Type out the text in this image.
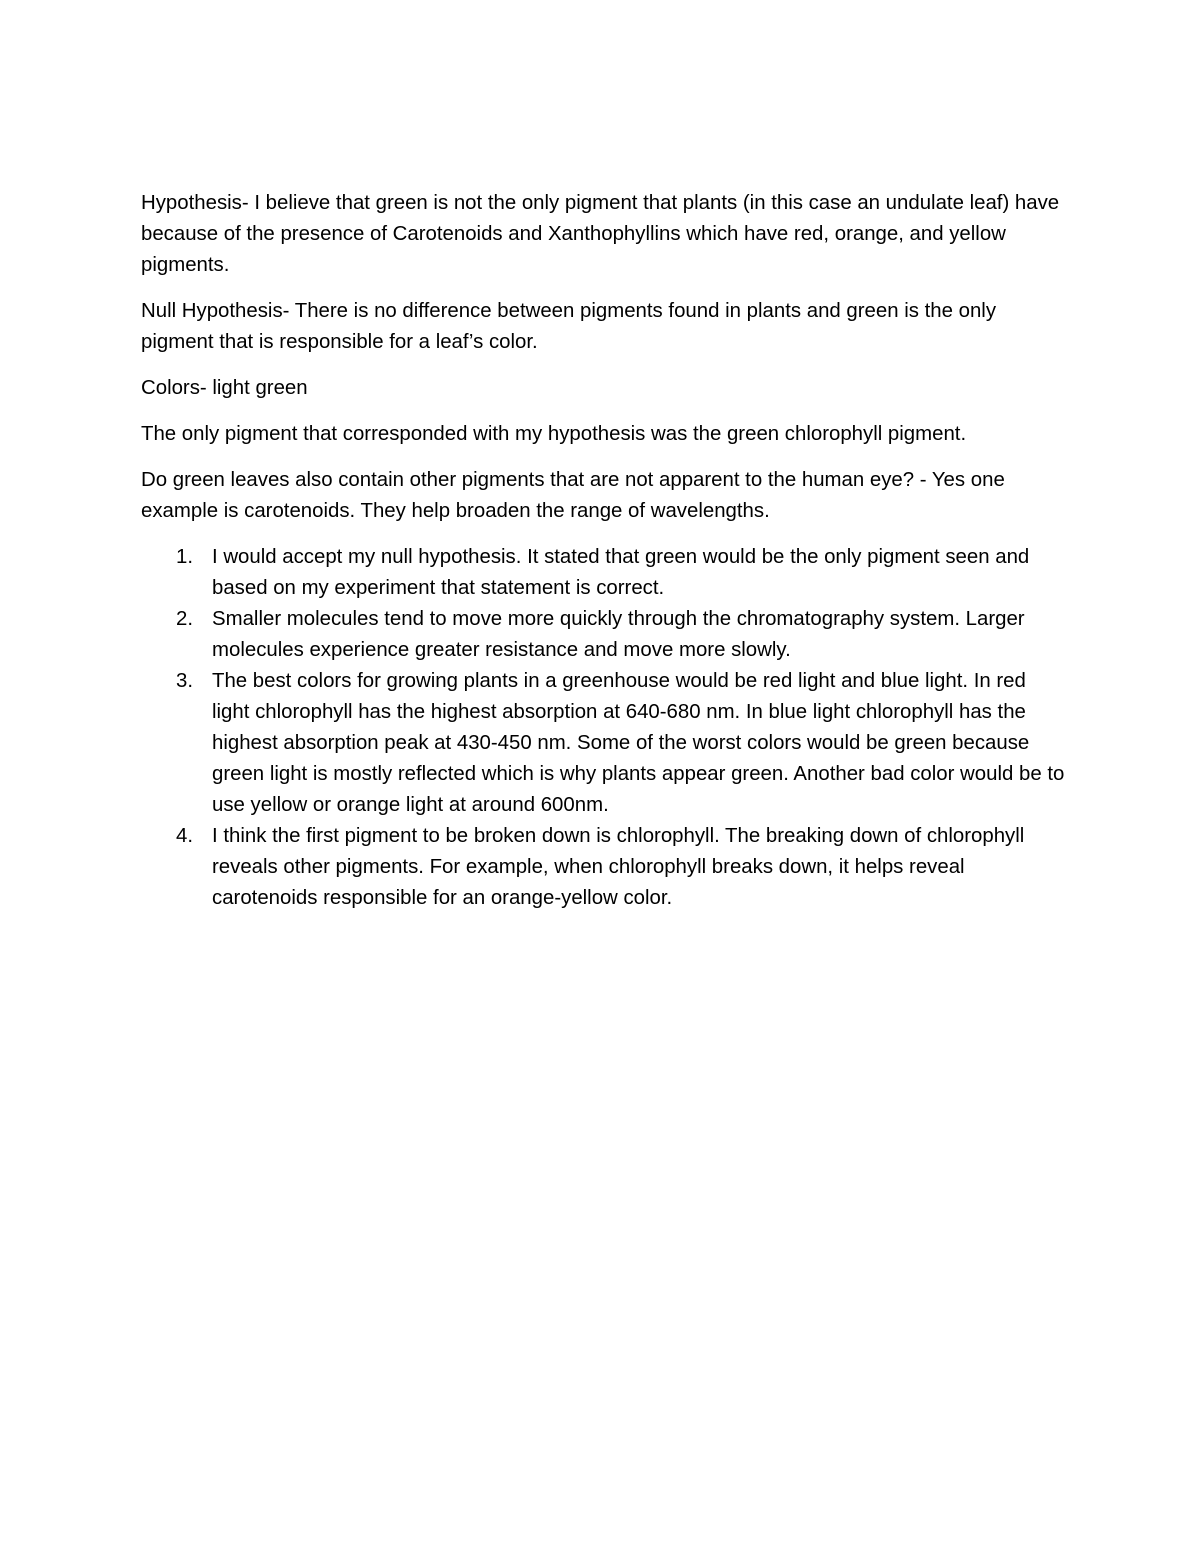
Hypothesis- I believe that green is not the only pigment that plants (in this case an undulate leaf) have because of the presence of Carotenoids and Xanthophyllins which have red, orange, and yellow pigments.

Null Hypothesis- There is no difference between pigments found in plants and green is the only pigment that is responsible for a leaf’s color.

Colors- light green

The only pigment that corresponded with my hypothesis was the green chlorophyll pigment.

Do green leaves also contain other pigments that are not apparent to the human eye? - Yes one example is carotenoids. They help broaden the range of wavelengths.

1. I would accept my null hypothesis. It stated that green would be the only pigment seen and based on my experiment that statement is correct.
2. Smaller molecules tend to move more quickly through the chromatography system. Larger molecules experience greater resistance and move more slowly.
3. The best colors for growing plants in a greenhouse would be red light and blue light. In red light chlorophyll has the highest absorption at 640-680 nm. In blue light chlorophyll has the highest absorption peak at 430-450 nm. Some of the worst colors would be green because green light is mostly reflected which is why plants appear green. Another bad color would be to use yellow or orange light at around 600nm.
4. I think the first pigment to be broken down is chlorophyll. The breaking down of chlorophyll reveals other pigments. For example, when chlorophyll breaks down, it helps reveal carotenoids responsible for an orange-yellow color.
